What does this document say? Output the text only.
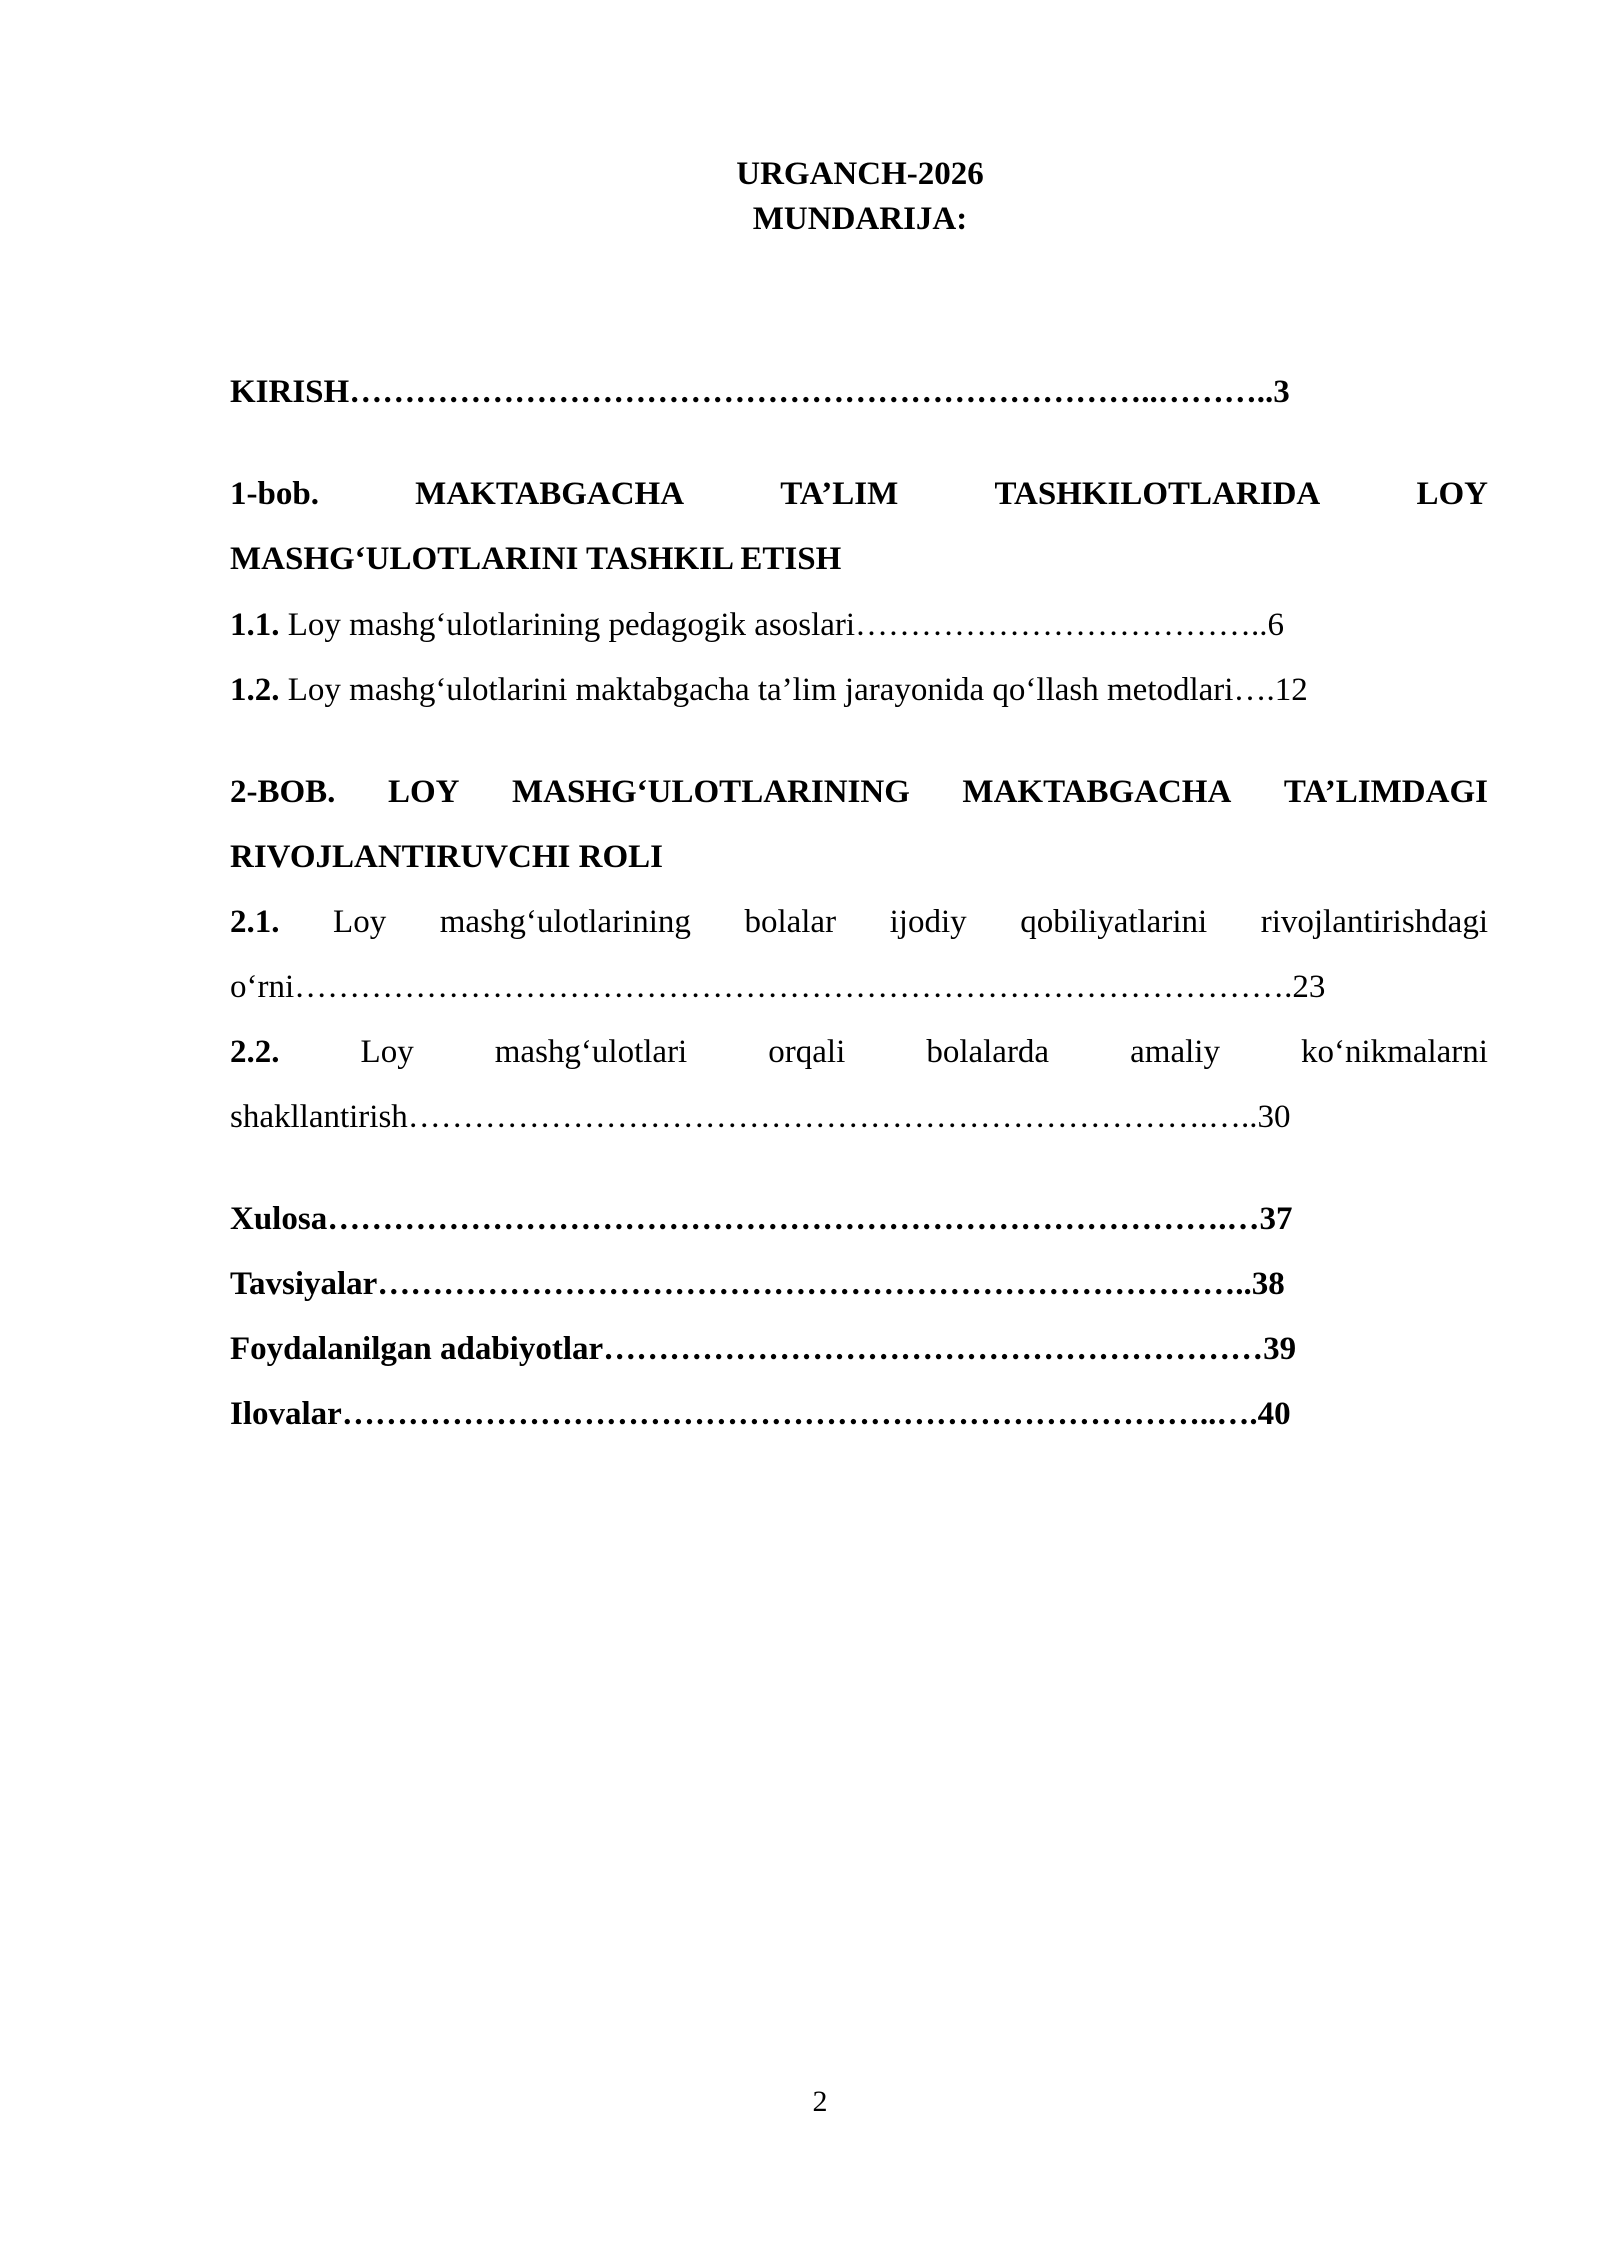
URGANCH-2026
MUNDARIJA:
KIRISH………………………………………………………………..………..3
1-bob.	MAKTABGACHA	TA’LIM	TASHKILOTLARIDA	LOY
MASHG‘ULOTLARINI TASHKIL ETISH
1.1. Loy mashg‘ulotlarining pedagogik asoslari………………………………..6
1.2. Loy mashg‘ulotlarini maktabgacha ta’lim jarayonida qo‘llash metodlari….12
2-BOB. LOY MASHG‘ULOTLARINING MAKTABGACHA TA’LIMDAGI
RIVOJLANTIRUVCHI ROLI
2.1. Loy mashg‘ulotlarining bolalar ijodiy qobiliyatlarini rivojlantirishdagi
o‘rni……………………………………………………………………………….23
2.2. Loy mashg‘ulotlari orqali bolalarda amaliy ko‘nikmalarni
shakllantirish……………………………………………………………….…..30
Xulosa……………………………………………………………………….…37
Tavsiyalar……………………………………………………………………..38
Foydalanilgan adabiyotlar……………………………………………………39
Ilovalar……………………………………………………………………..….40
2
